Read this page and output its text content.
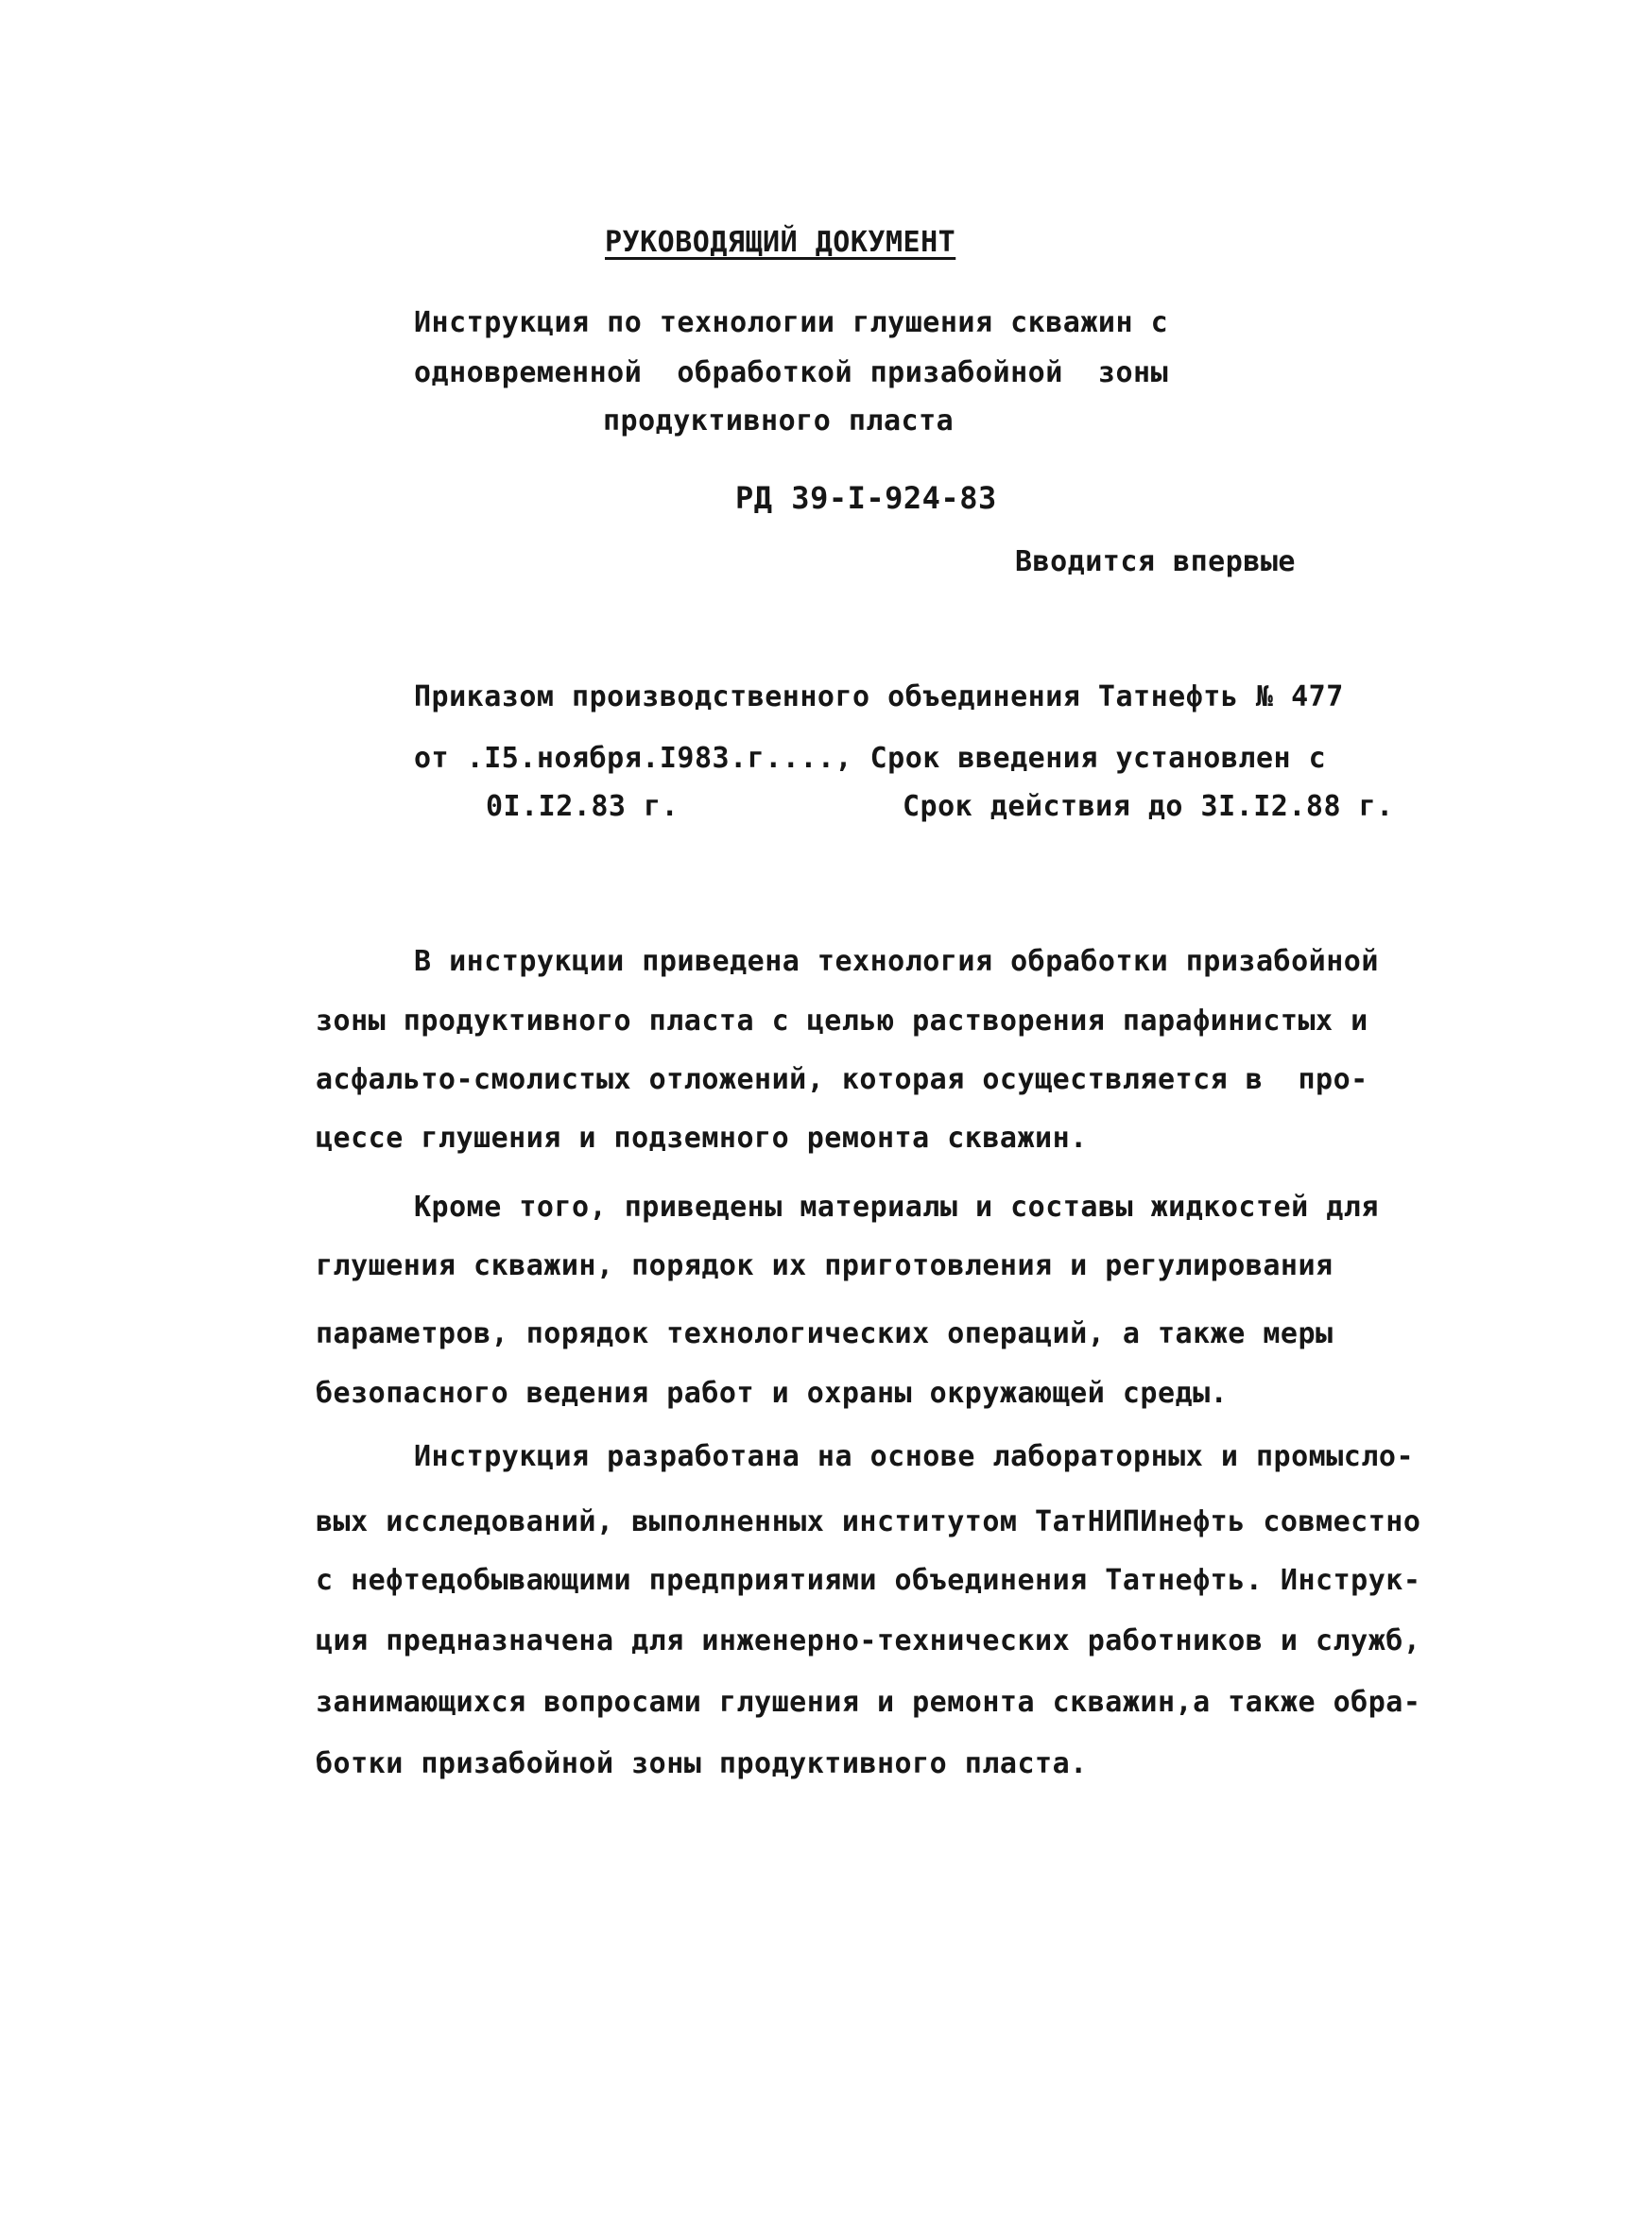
РУКОВОДЯЩИЙ ДОКУМЕНТ
Инструкция по технологии глушения скважин с
одновременной  обработкой призабойной  зоны
продуктивного пласта
РД 39-I-924-83
Вводится впервые
Приказом производственного объединения Татнефть № 477
от .I5.ноября.I983.г...., Срок введения установлен с
0I.I2.83 г.	Срок действия до 3I.I2.88 г.
В инструкции приведена технология обработки призабойной
зоны продуктивного пласта с целью растворения парафинистых и
асфальто-смолистых отложений, которая осуществляется в  про-
цессе глушения и подземного ремонта скважин.
Кроме того, приведены материалы и составы жидкостей для
глушения скважин, порядок их приготовления и регулирования
параметров, порядок технологических операций, а также меры
безопасного ведения работ и охраны окружающей среды.
Инструкция разработана на основе лабораторных и промысло-
вых исследований, выполненных институтом ТатНИПИнефть совместно
с нефтедобывающими предприятиями объединения Татнефть. Инструк-
ция предназначена для инженерно-технических работников и служб,
занимающихся вопросами глушения и ремонта скважин,а также обра-
ботки призабойной зоны продуктивного пласта.
